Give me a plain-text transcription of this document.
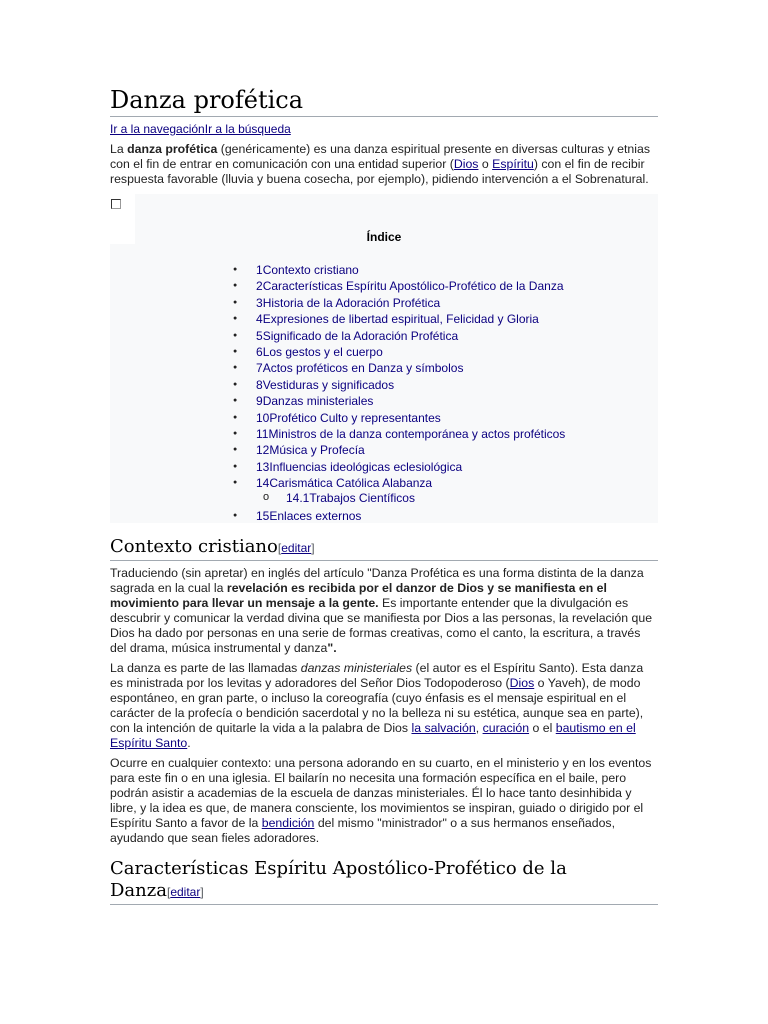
Danza profética
Ir a la navegaciónIr a la búsqueda

La danza profética (genéricamente) es una danza espiritual presente en diversas culturas y etnias con el fin de entrar en comunicación con una entidad superior (Dios o Espíritu) con el fin de recibir respuesta favorable (lluvia y buena cosecha, por ejemplo), pidiendo intervención a el Sobrenatural.

Índice
● 1Contexto cristiano
● 2Características Espíritu Apostólico-Profético de la Danza
● 3Historia de la Adoración Profética
● 4Expresiones de libertad espiritual, Felicidad y Gloria
● 5Significado de la Adoración Profética
● 6Los gestos y el cuerpo
● 7Actos proféticos en Danza y símbolos
● 8Vestiduras y significados
● 9Danzas ministeriales
● 10Profético Culto y representantes
● 11Ministros de la danza contemporánea y actos proféticos
● 12Música y Profecía
● 13Influencias ideológicas eclesiológica
● 14Carismática Católica Alabanza
o 14.1Trabajos Científicos
● 15Enlaces externos
Contexto cristiano[editar]

Traduciendo (sin apretar) en inglés del artículo "Danza Profética es una forma distinta de la danza sagrada en la cual la revelación es recibida por el danzor de Dios y se manifiesta en el movimiento para llevar un mensaje a la gente. Es importante entender que la divulgación es descubrir y comunicar la verdad divina que se manifiesta por Dios a las personas, la revelación que Dios ha dado por personas en una serie de formas creativas, como el canto, la escritura, a través del drama, música instrumental y danza".

La danza es parte de las llamadas danzas ministeriales (el autor es el Espíritu Santo). Esta danza es ministrada por los levitas y adoradores del Señor Dios Todopoderoso (Dios o Yaveh), de modo espontáneo, en gran parte, o incluso la coreografía (cuyo énfasis es el mensaje espiritual en el carácter de la profecía o bendición sacerdotal y no la belleza ni su estética, aunque sea en parte), con la intención de quitarle la vida a la palabra de Dios la salvación, curación o el bautismo en el Espíritu Santo.

Ocurre en cualquier contexto: una persona adorando en su cuarto, en el ministerio y en los eventos para este fin o en una iglesia. El bailarín no necesita una formación específica en el baile, pero podrán asistir a academias de la escuela de danzas ministeriales. Él lo hace tanto desinhibida y libre, y la idea es que, de manera consciente, los movimientos se inspiran, guiado o dirigido por el Espíritu Santo a favor de la bendición del mismo "ministrador" o a sus hermanos enseñados, ayudando que sean fieles adoradores.

Características Espíritu Apostólico-Profético de la Danza[editar]
